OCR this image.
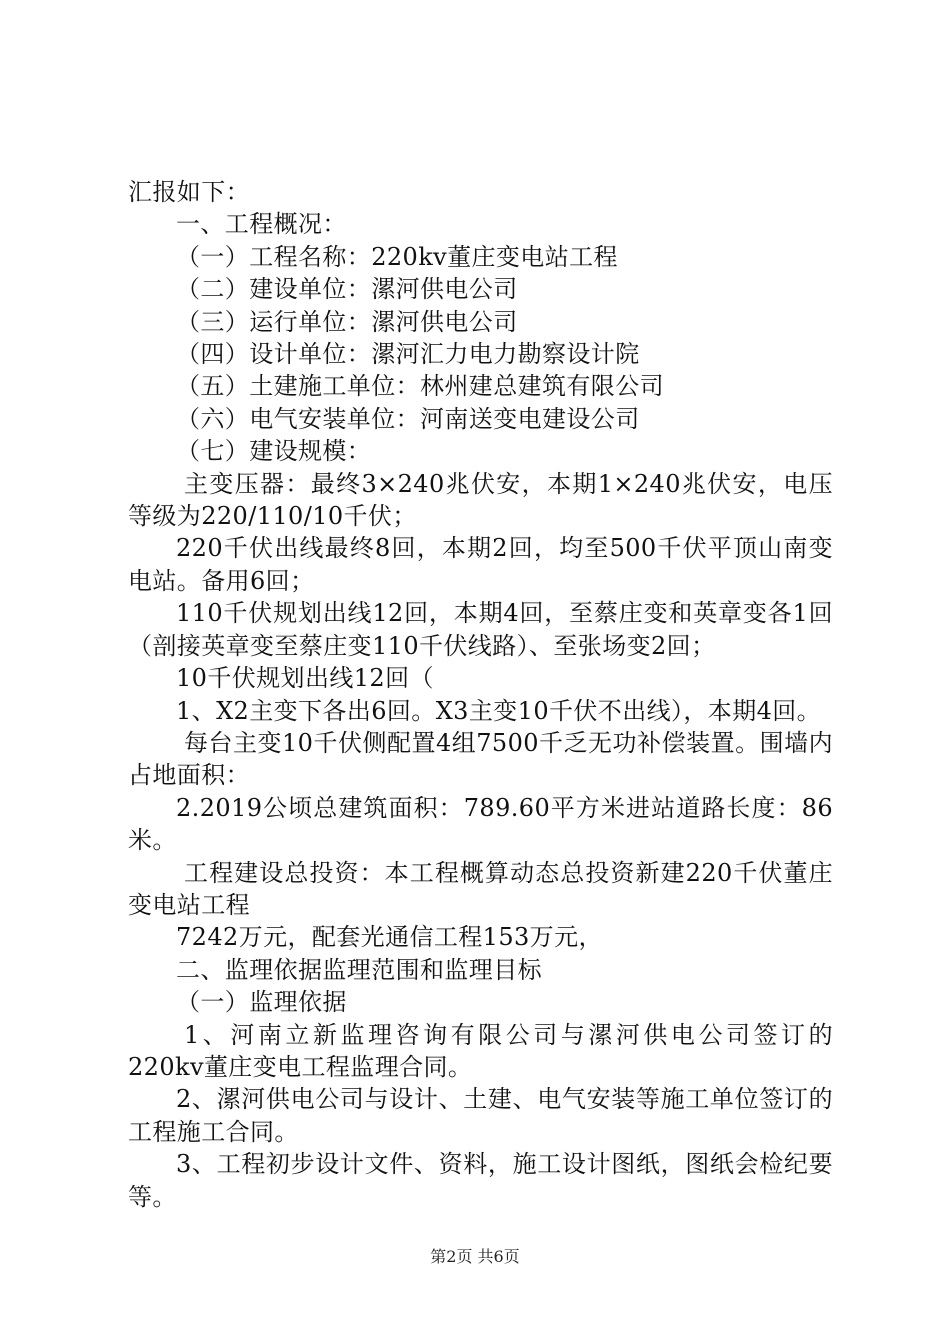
汇报如下：
一、工程概况：
（一）工程名称：220kv董庄变电站工程
（二）建设单位：漯河供电公司
（三）运行单位：漯河供电公司
（四）设计单位：漯河汇力电力勘察设计院
（五）土建施工单位：林州建总建筑有限公司
（六）电气安装单位：河南送变电建设公司
（七）建设规模：
主变压器：最终3×240兆伏安，本期1×240兆伏安，电压等级为220/110/10千伏；
220千伏出线最终8回，本期2回，均至500千伏平顶山南变电站。备用6回；
110千伏规划出线12回，本期4回，至蔡庄变和英章变各1回（剖接英章变至蔡庄变110千伏线路）、至张场变2回；
10千伏规划出线12回（
1、X2主变下各出6回。X3主变10千伏不出线），本期4回。
每台主变10千伏侧配置4组7500千乏无功补偿装置。围墙内占地面积：
2.2019公顷总建筑面积：789.60平方米进站道路长度：86米。
工程建设总投资：本工程概算动态总投资新建220千伏董庄变电站工程
7242万元，配套光通信工程153万元，
二、监理依据监理范围和监理目标
（一）监理依据
1、河南立新监理咨询有限公司与漯河供电公司签订的220kv董庄变电工程监理合同。
2、漯河供电公司与设计、土建、电气安装等施工单位签订的工程施工合同。
3、工程初步设计文件、资料，施工设计图纸，图纸会检纪要等。
第2页 共6页
